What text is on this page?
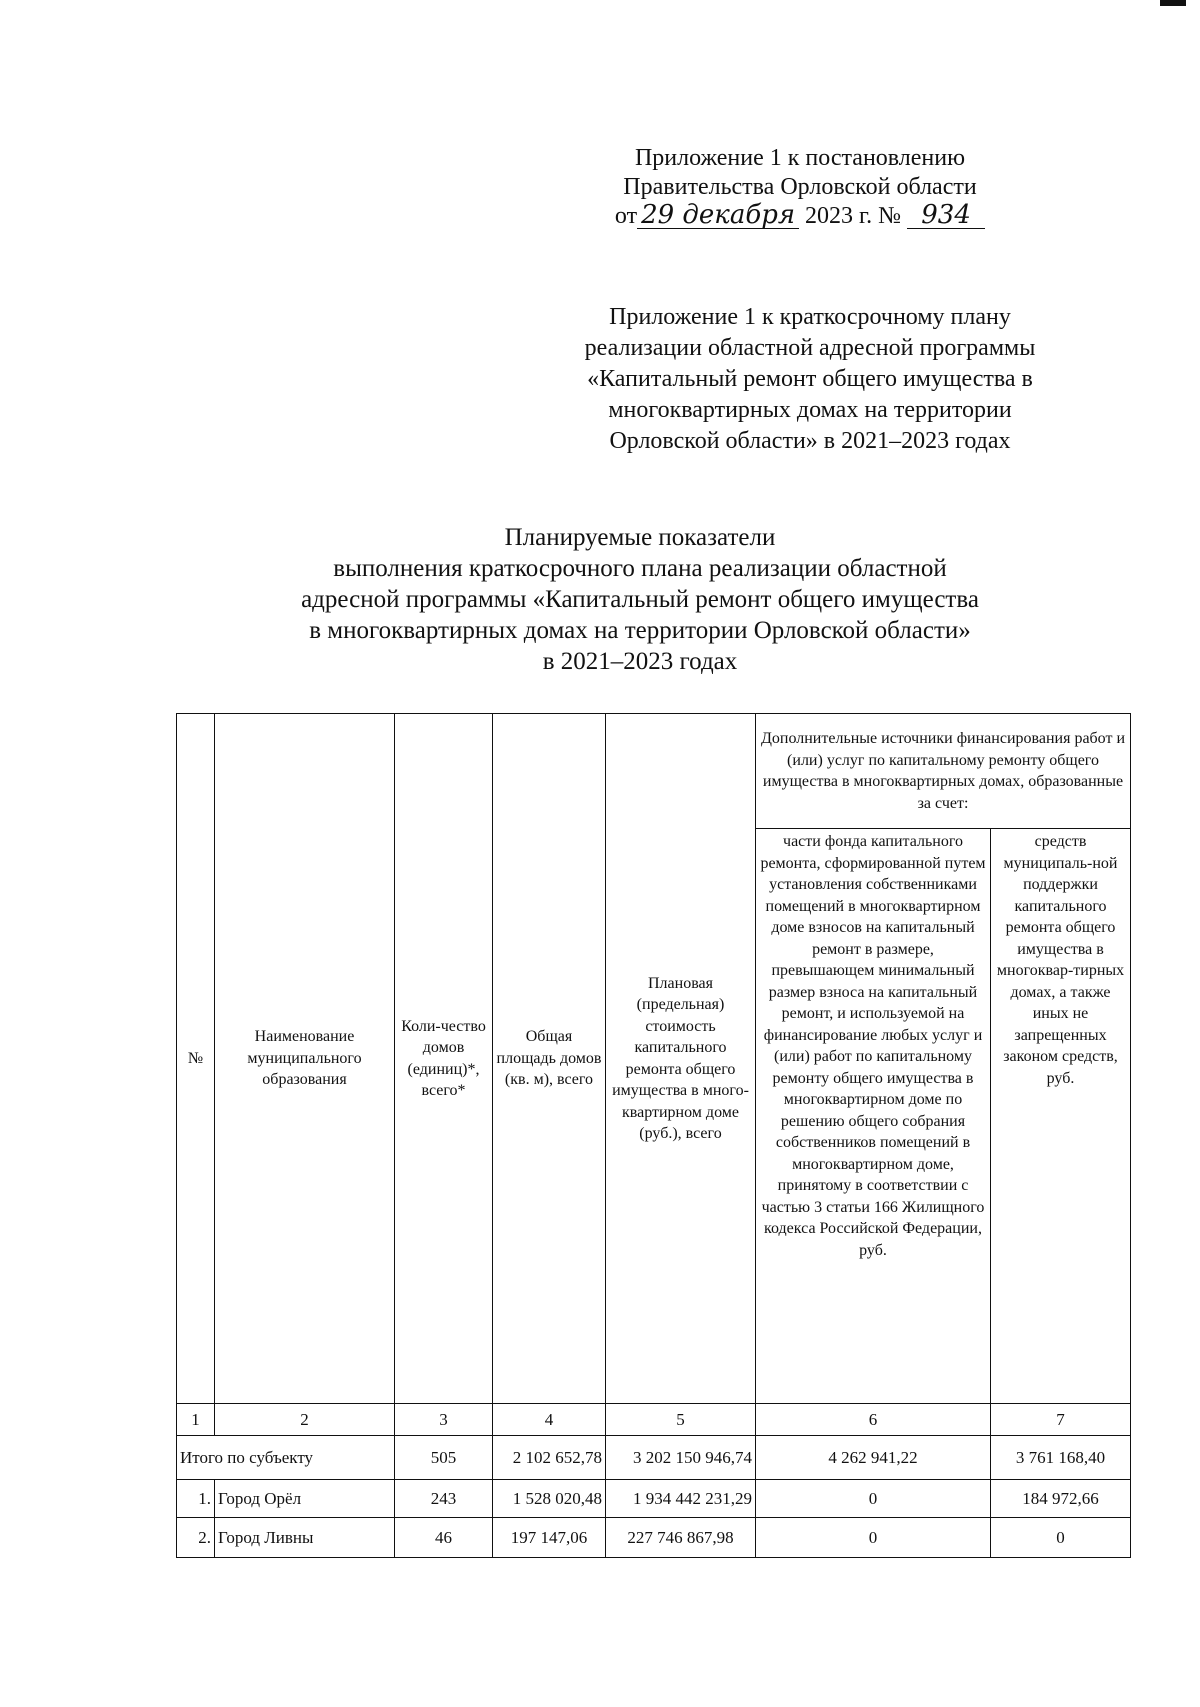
Приложение 1 к постановлению
Правительства Орловской области
от 29 декабря 2023 г. № 934
Приложение 1 к краткосрочному плану
реализации областной адресной программы
«Капитальный ремонт общего имущества в
многоквартирных домах на территории
Орловской области» в 2021–2023 годах
Планируемые показатели
выполнения краткосрочного плана реализации областной
адресной программы «Капитальный ремонт общего имущества
в многоквартирных домах на территории Орловской области»
в 2021–2023 годах
№	Наименование муниципального образования	Коли-чество домов (единиц)*, всего*	Общая площадь домов (кв. м), всего	Плановая (предельная) стоимость капитального ремонта общего имущества в много-квартирном доме (руб.), всего	Дополнительные источники финансирования работ и (или) услуг по капитальному ремонту общего имущества в многоквартирных домах, образованные за счет:	
					части фонда капитального ремонта, сформированной путем установления собственниками помещений в многоквартирном доме взносов на капитальный ремонт в размере, превышающем минимальный размер взноса на капитальный ремонт, и используемой на финансирование любых услуг и (или) работ по капитальному ремонту общего имущества в многоквартирном доме по решению общего собрания собственников помещений в многоквартирном доме, принятому в соответствии с частью 3 статьи 166 Жилищного кодекса Российской Федерации, руб.	средств муниципаль-ной поддержки капитального ремонта общего имущества в многоквар-тирных домах, а также иных не запрещенных законом средств, руб.
1	2	3	4	5	6	7
Итого по субъекту		505	2 102 652,78	3 202 150 946,74	4 262 941,22	3 761 168,40
1.	Город Орёл	243	1 528 020,48	1 934 442 231,29	0	184 972,66
2.	Город Ливны	46	197 147,06	227 746 867,98	0	0
